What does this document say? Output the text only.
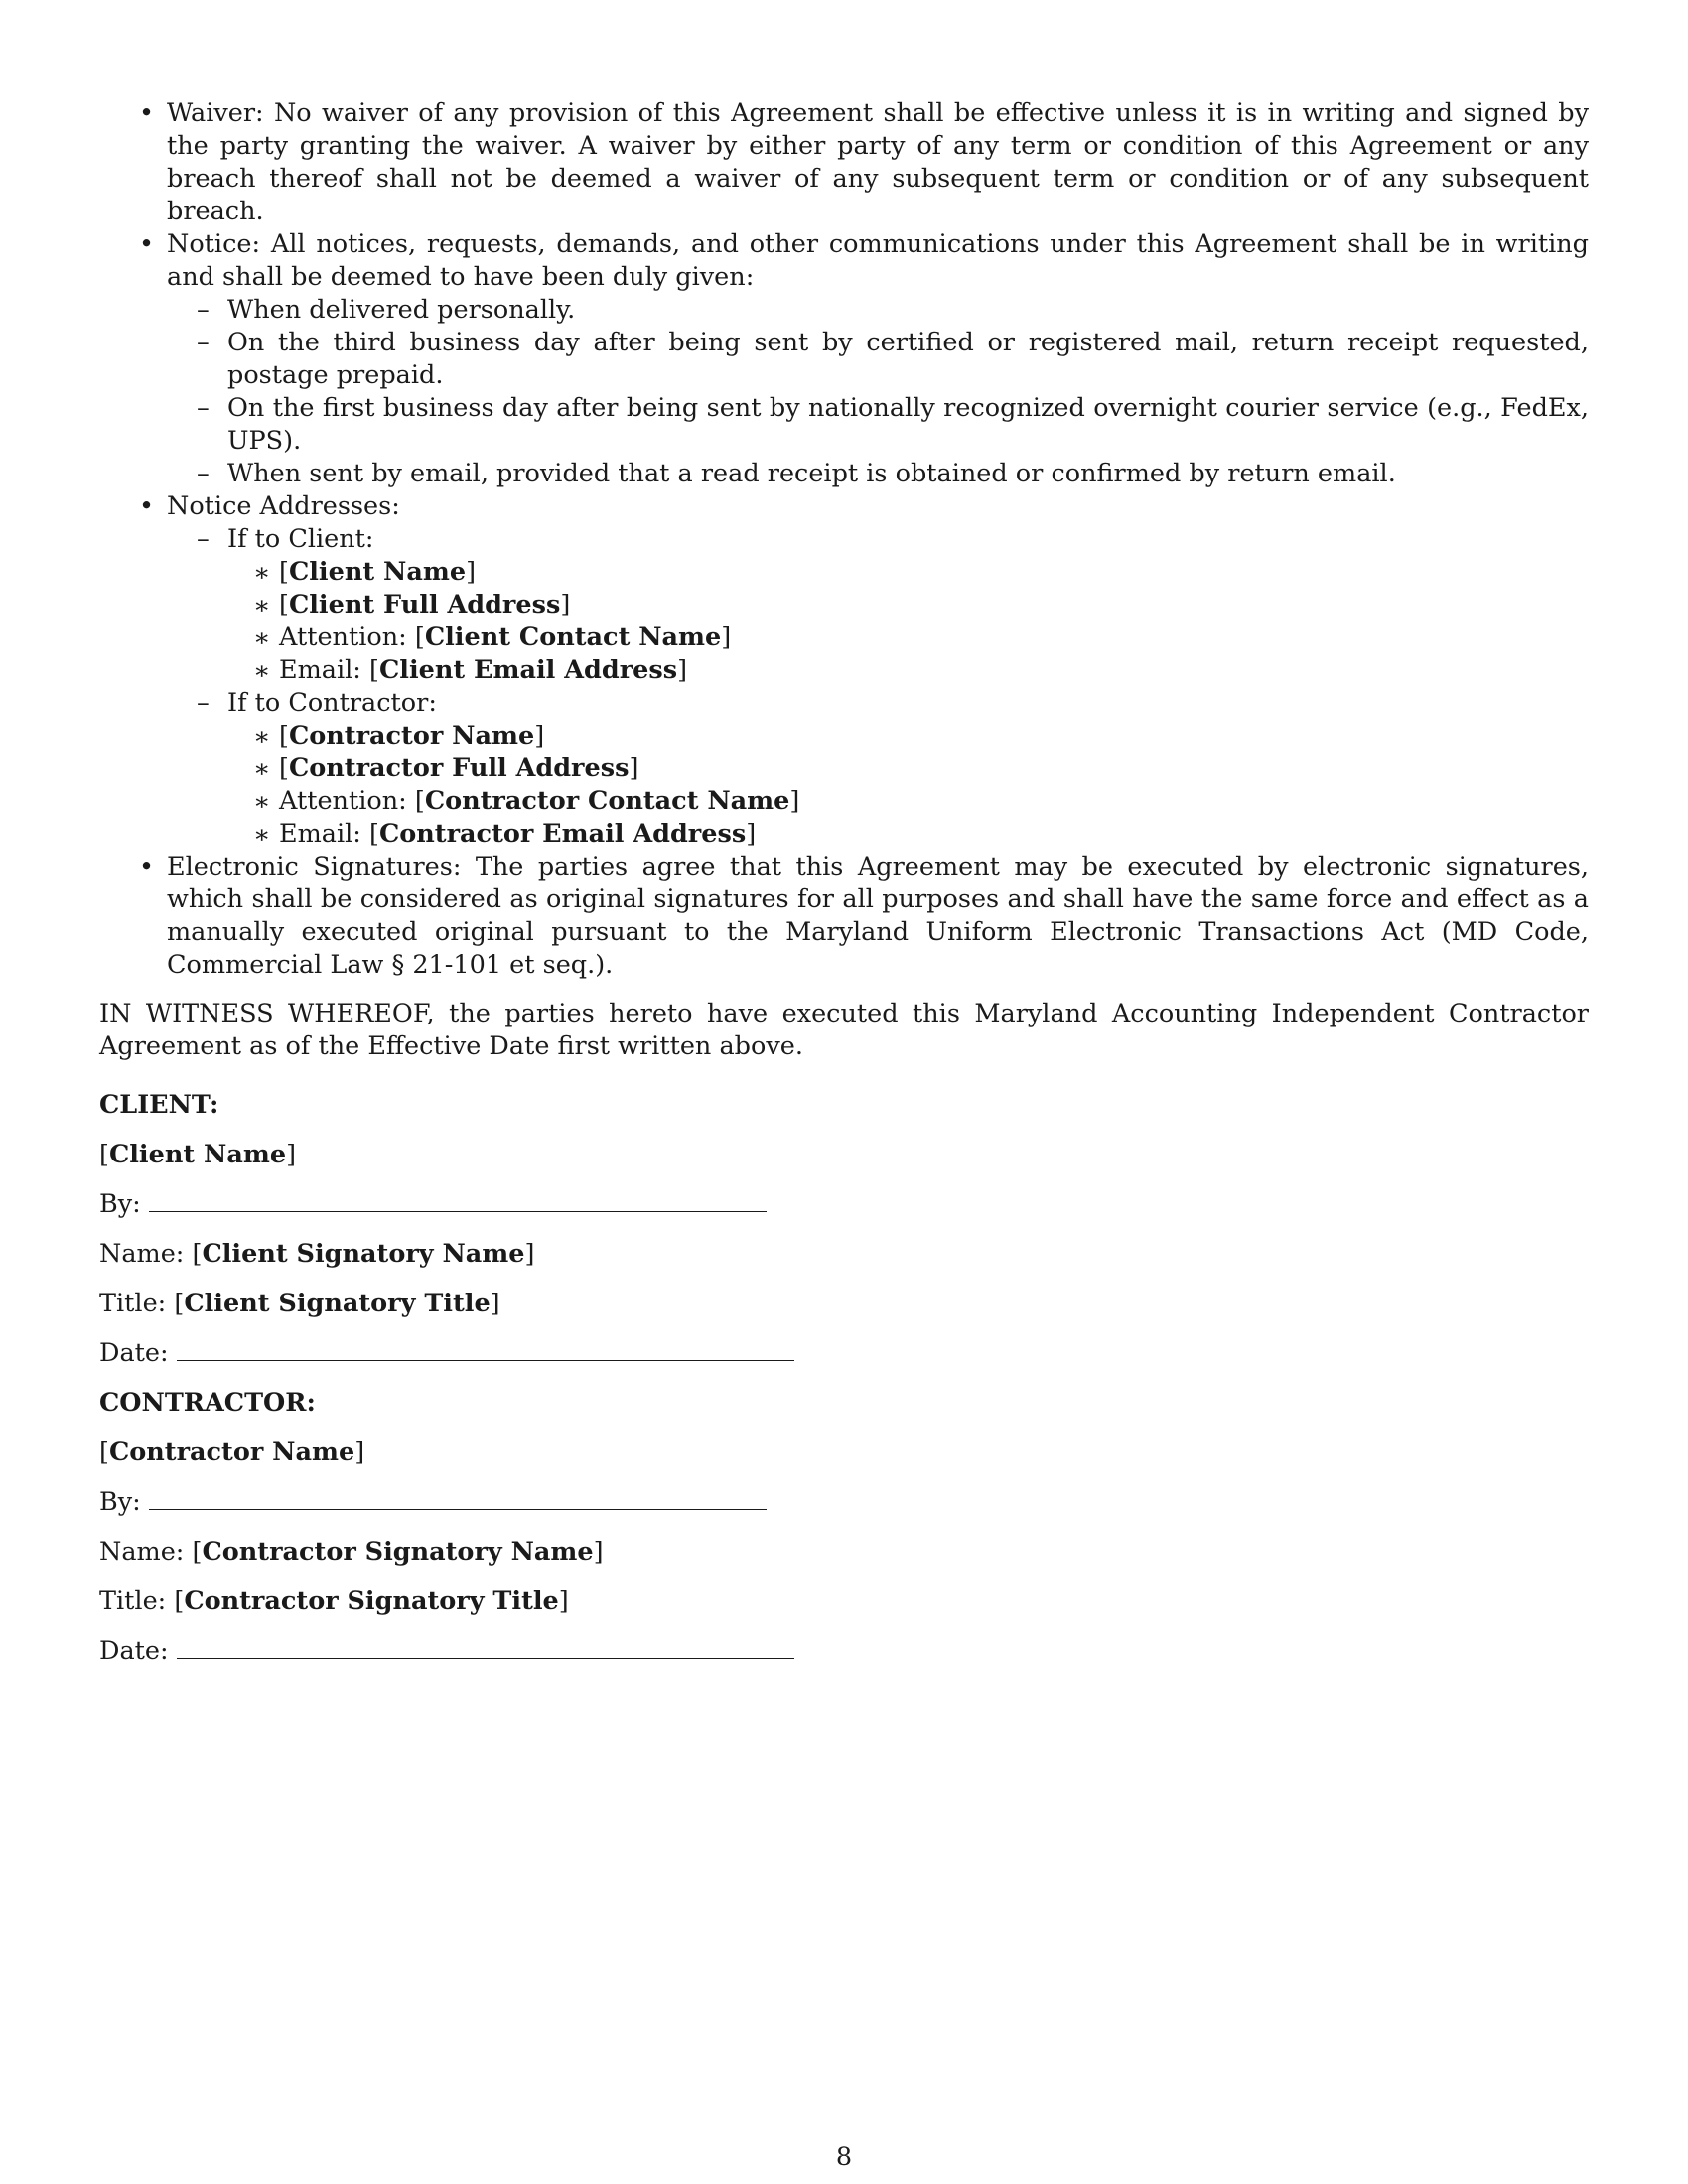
• Waiver: No waiver of any provision of this Agreement shall be effective unless it is in writing and signed by the party granting the waiver. A waiver by either party of any term or condition of this Agreement or any breach thereof shall not be deemed a waiver of any subsequent term or condition or of any subsequent breach.
• Notice: All notices, requests, demands, and other communications under this Agreement shall be in writing and shall be deemed to have been duly given:
– When delivered personally.
– On the third business day after being sent by certified or registered mail, return receipt requested, postage prepaid.
– On the first business day after being sent by nationally recognized overnight courier service (e.g., FedEx, UPS).
– When sent by email, provided that a read receipt is obtained or confirmed by return email.
• Notice Addresses:
– If to Client:
∗ [Client Name]
∗ [Client Full Address]
∗ Attention: [Client Contact Name]
∗ Email: [Client Email Address]
– If to Contractor:
∗ [Contractor Name]
∗ [Contractor Full Address]
∗ Attention: [Contractor Contact Name]
∗ Email: [Contractor Email Address]
• Electronic Signatures: The parties agree that this Agreement may be executed by electronic signatures, which shall be considered as original signatures for all purposes and shall have the same force and effect as a manually executed original pursuant to the Maryland Uniform Electronic Transactions Act (MD Code, Commercial Law § 21-101 et seq.).

IN WITNESS WHEREOF, the parties hereto have executed this Maryland Accounting Independent Contractor Agreement as of the Effective Date first written above.

CLIENT:

[Client Name]

By:

Name: [Client Signatory Name]

Title: [Client Signatory Title]

Date:

CONTRACTOR:

[Contractor Name]

By:

Name: [Contractor Signatory Name]

Title: [Contractor Signatory Title]

Date:

8
